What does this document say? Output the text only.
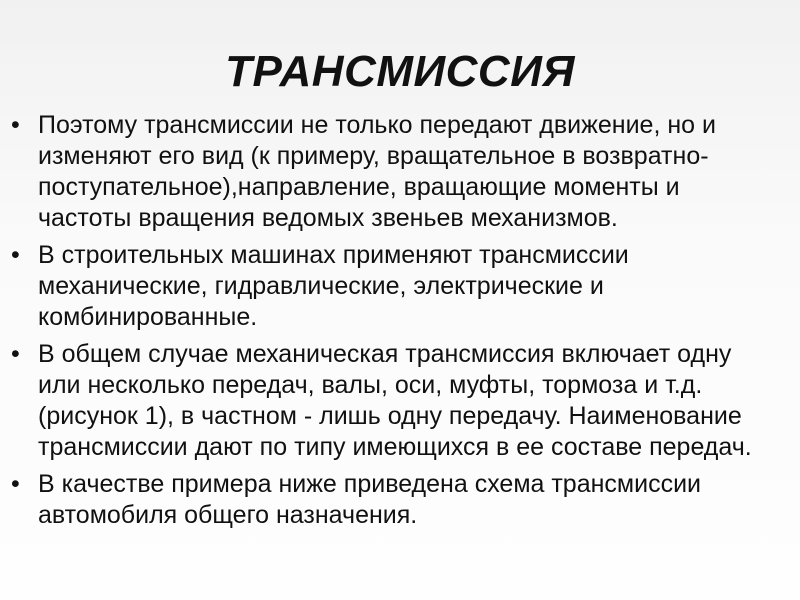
ТРАНСМИССИЯ
• Поэтому трансмиссии не только передают движение, но и изменяют его вид (к примеру, вращательное в возвратно-поступательное),направление, вращающие моменты и частоты вращения ведомых звеньев механизмов.
• В строительных машинах применяют трансмиссии механические, гидравлические, электрические и комбинированные.
• В общем случае механическая трансмиссия включает одну или несколько передач, валы, оси, муфты, тормоза и т.д. (рисунок 1), в частном - лишь одну передачу. Наименование трансмиссии дают по типу имеющихся в ее составе передач.
• В качестве примера ниже приведена схема трансмиссии автомобиля общего назначения.
